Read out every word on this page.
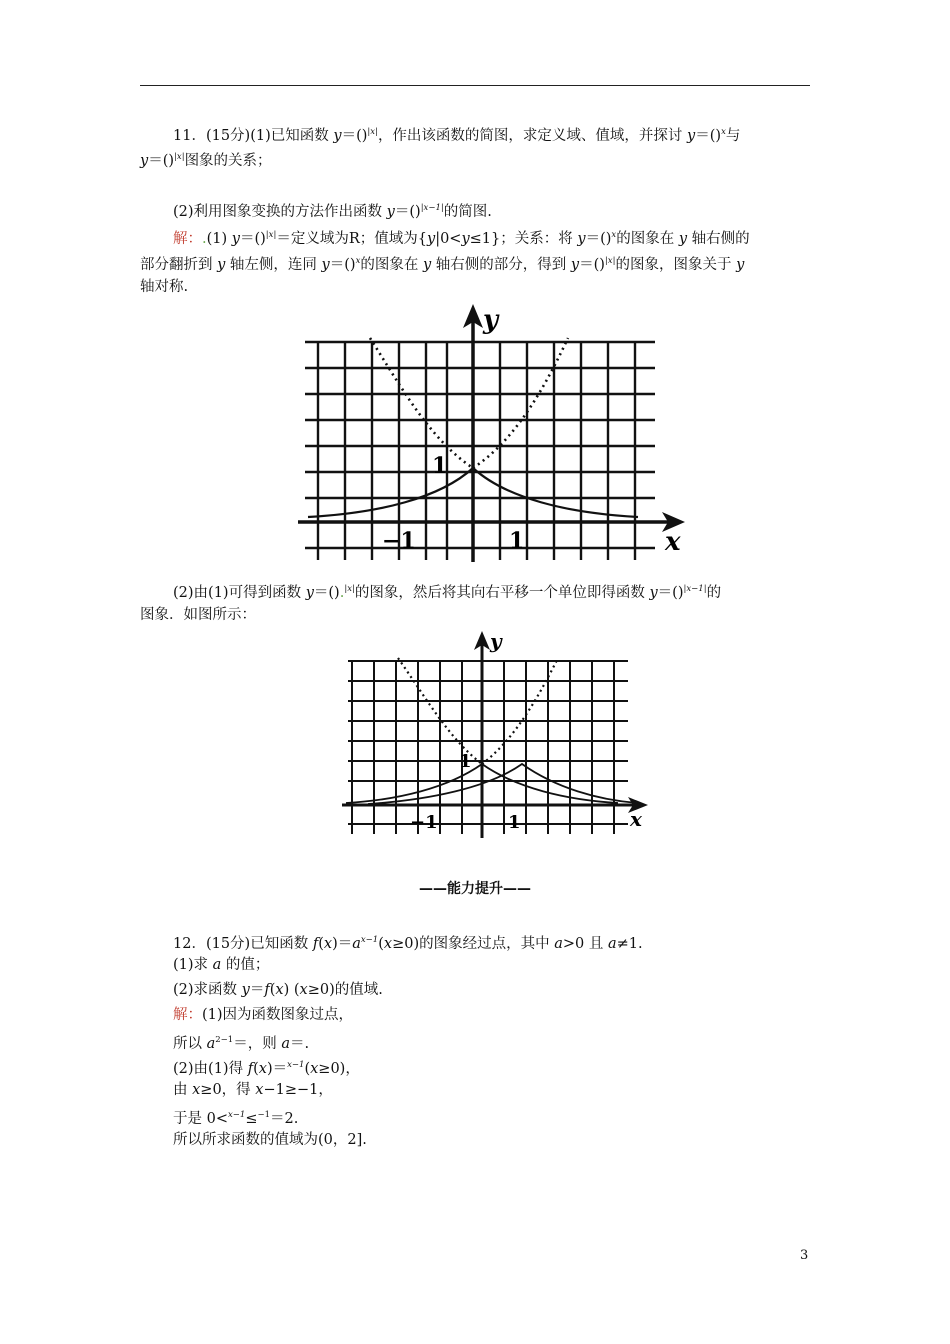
11．(15分)(1)已知函数 y＝()$^{|x|}$，作出该函数的简图，求定义域、值域，并探讨 y＝()$^x$与
y＝()$^{|x|}$图象的关系；
(2)利用图象变换的方法作出函数 y＝()$^{|x-1|}$的简图.
解：.(1) y＝()$^{|x|}$＝定义域为R；值域为{y|0<y≤1}；关系：将 y＝()$^x$的图象在 y 轴右侧的
部分翻折到 y 轴左侧，连同 y＝()$^x$的图象在 y 轴右侧的部分，得到 y＝()$^{|x|}$的图象，图象关于 y
轴对称.
y
x
−1	1
1
(2)由(1)可得到函数 y＝().$^{|x|}$的图象，然后将其向右平移一个单位即得函数 y＝()$^{|x-1|}$的
图象．如图所示：
y
x
−1	1
1
——能力提升——
12．(15分)已知函数 $f(x)=a^{x-1}(x\ge 0)$的图象经过点，其中 a>0 且 a≠1.
(1)求 a 的值；
(2)求函数 y＝f(x) (x≥0)的值域.
解：(1)因为函数图象过点，
所以 $a^{2-1}=$，则 a＝.
(2)由(1)得 f(x)＝$^{x-1}$(x≥0)，
由 x≥0，得 x−1≥−1，
于是 0<$^{x-1}$≤$^{-1}$＝2.
所以所求函数的值域为(0，2].
3
